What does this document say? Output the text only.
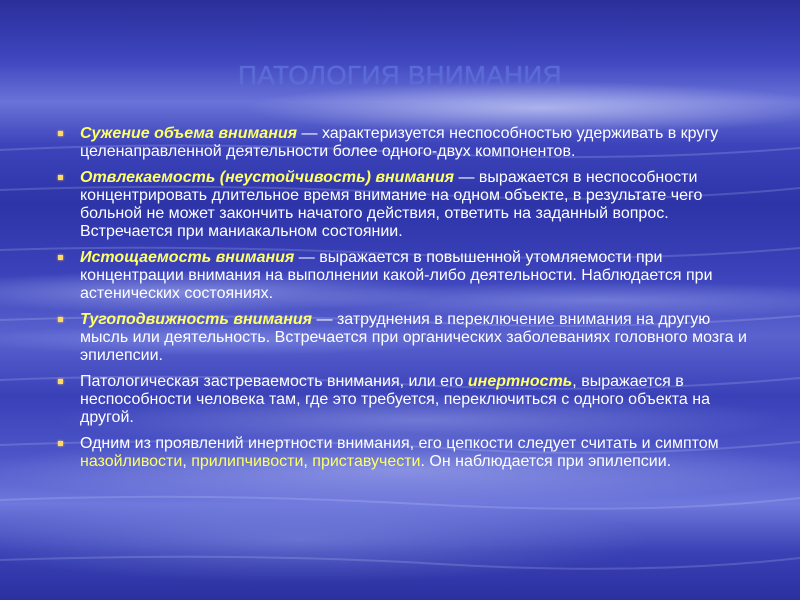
ПАТОЛОГИЯ ВНИМАНИЯ
Сужение объема внимания — характеризуется неспособностью удерживать в кругу целенаправленной деятельности более одного-двух компонентов.
Отвлекаемость (неустойчивость) внимания — выражается в неспособности концентрировать длительное время внимание на одном объекте, в результате чего больной не может закончить начатого действия, ответить на заданный вопрос. Встречается при маниакальном состоянии.
Истощаемость внимания — выражается в повышенной утомляемости при концентрации внимания на выполнении какой-либо деятельности. Наблюдается при астенических состояниях.
Тугоподвижность внимания — затруднения в переключение внимания на другую мысль или деятельность. Встречается при органических заболеваниях головного мозга и эпилепсии.
Патологическая застреваемость внимания, или его инертность, выражается в неспособности человека там, где это требуется, переключиться с одного объекта на другой.
Одним из проявлений инертности внимания, его цепкости следует считать и симптом назойливости, прилипчивости, приставучести. Он наблюдается при эпилепсии.
